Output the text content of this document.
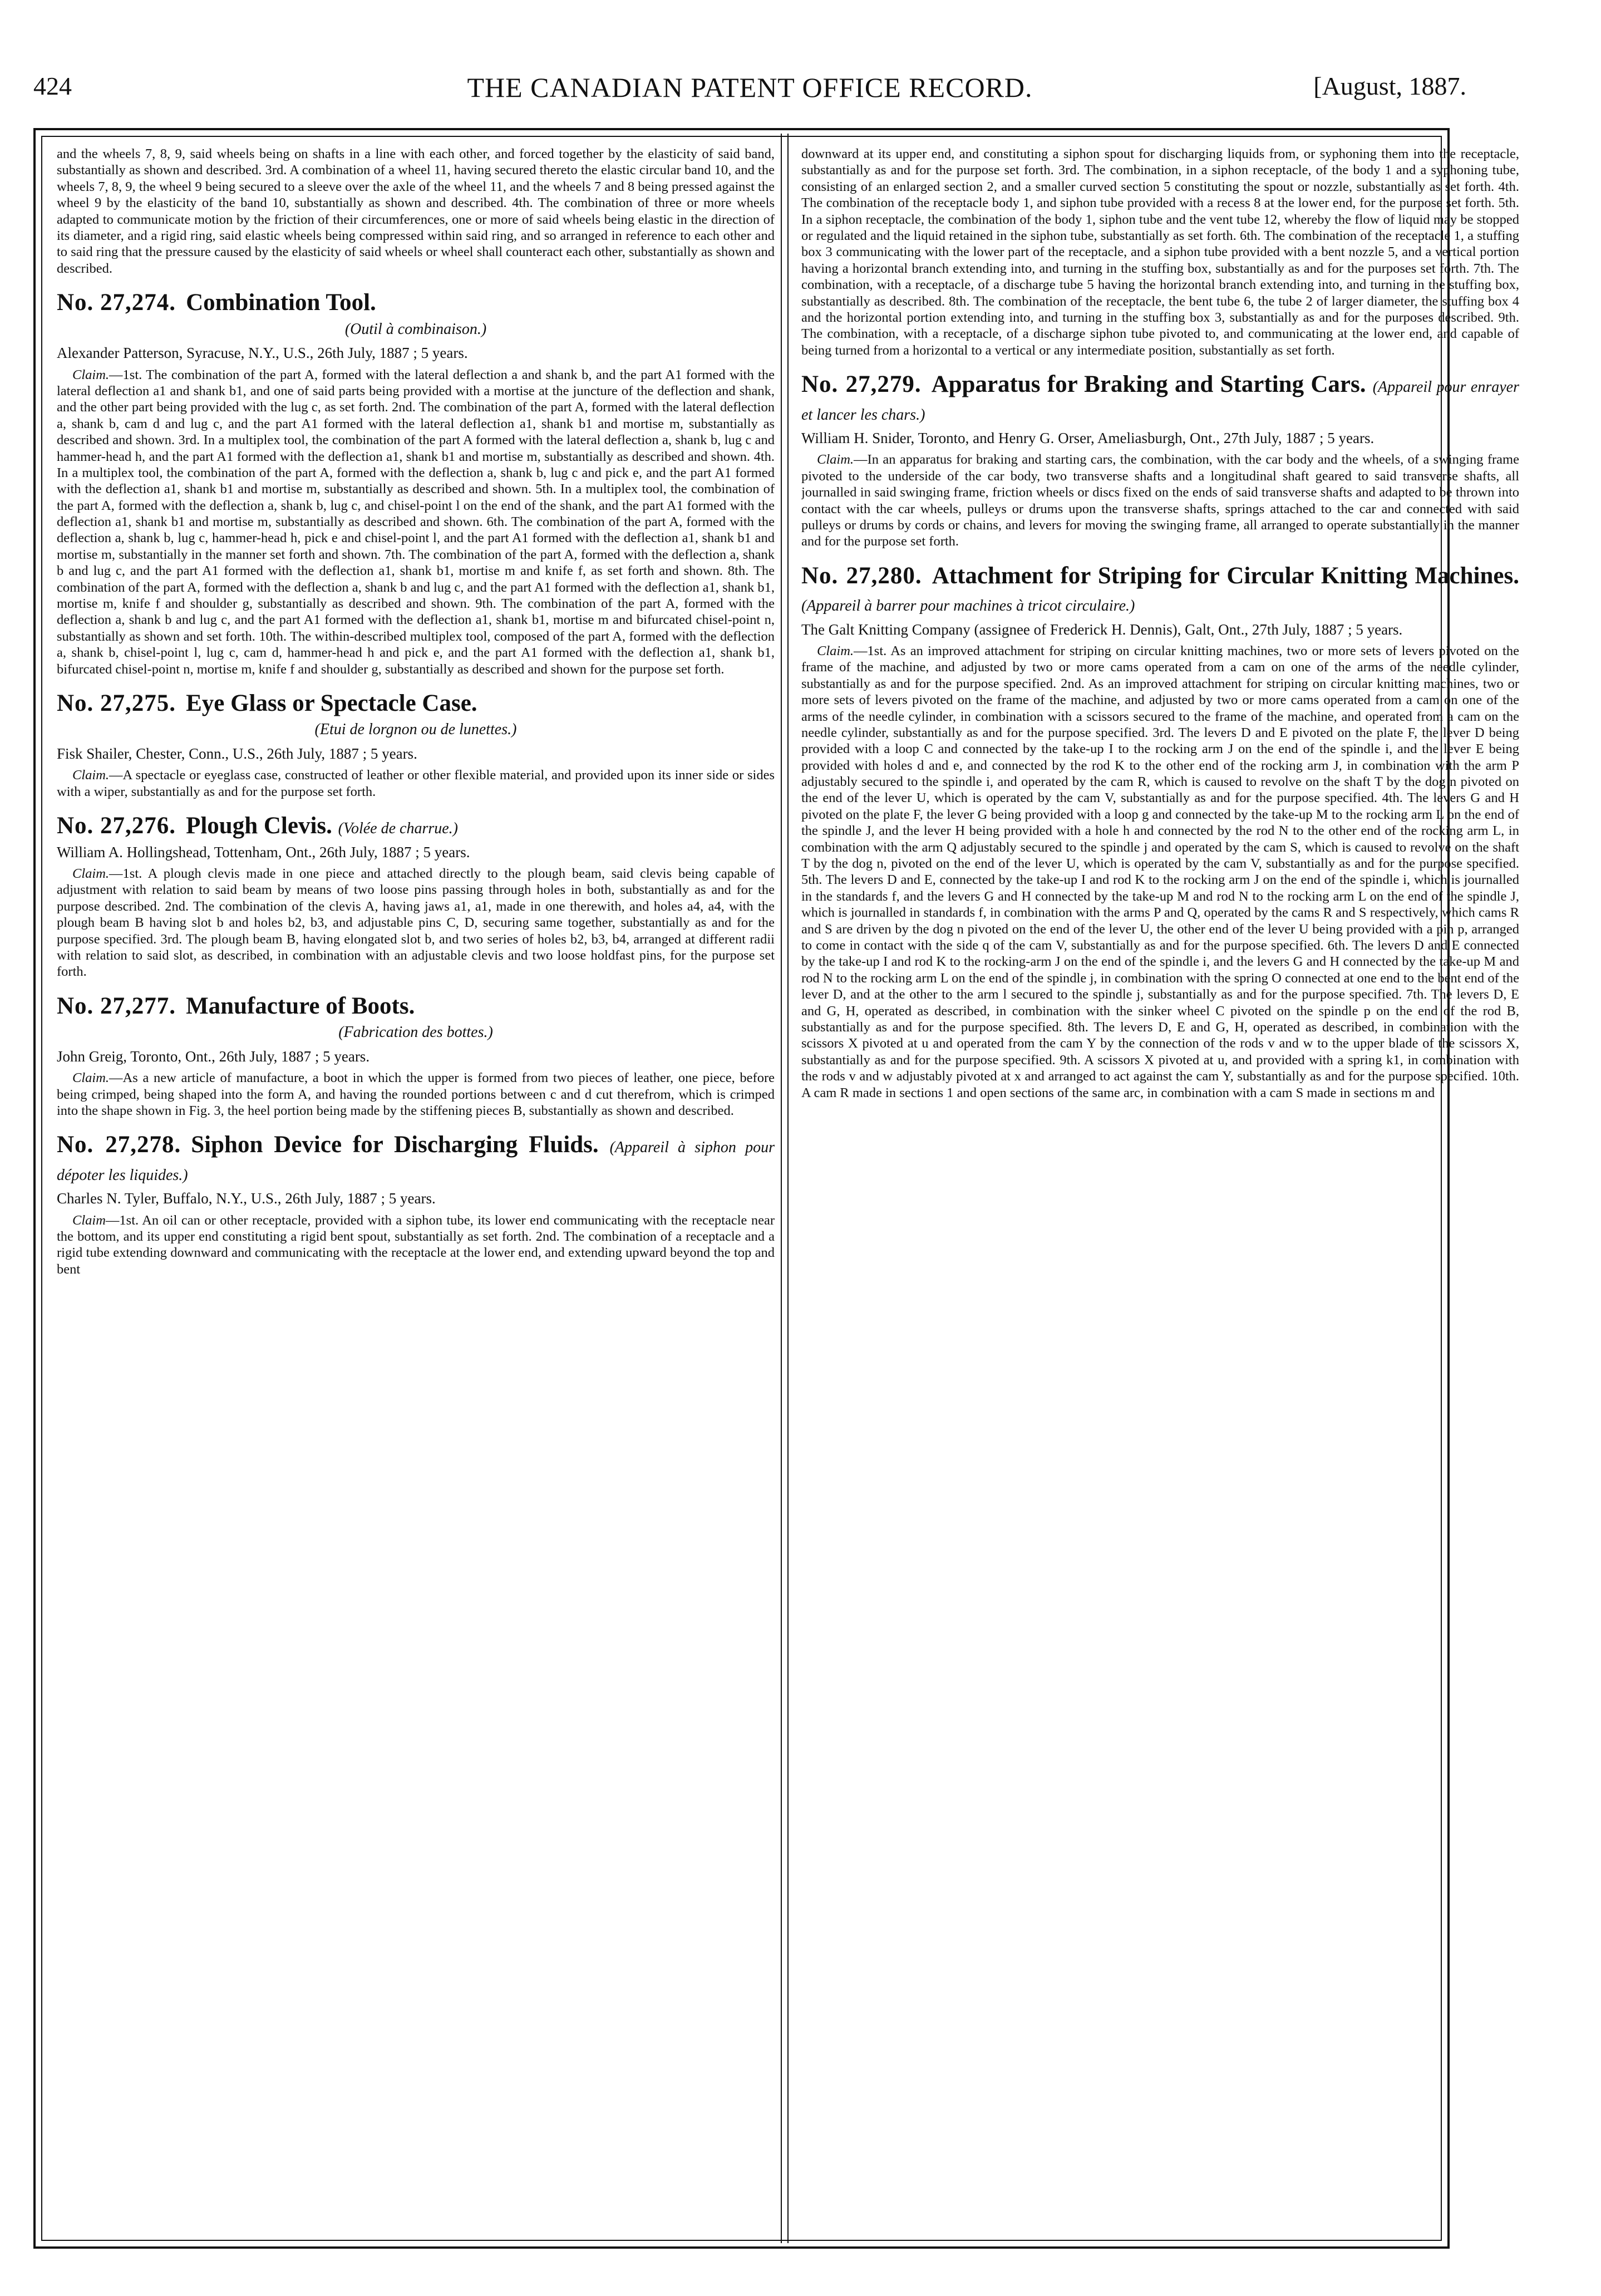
424	THE CANADIAN PATENT OFFICE RECORD.	[August, 1887.

and the wheels 7, 8, 9, said wheels being on shafts in a line with each other, and forced together by the elasticity of said band, substantially as shown and described. 3rd. A combination of a wheel 11, having secured thereto the elastic circular band 10, and the wheels 7, 8, 9, the wheel 9 being secured to a sleeve over the axle of the wheel 11, and the wheels 7 and 8 being pressed against the wheel 9 by the elasticity of the band 10, substantially as shown and described. 4th. The combination of three or more wheels adapted to communicate motion by the friction of their circumferences, one or more of said wheels being elastic in the direction of its diameter, and a rigid ring, said elastic wheels being compressed within said ring, and so arranged in reference to each other and to said ring that the pressure caused by the elasticity of said wheels or wheel shall counteract each other, substantially as shown and described.

No. 27,274. Combination Tool.
(Outil à combinaison.)
Alexander Patterson, Syracuse, N.Y., U.S., 26th July, 1887 ; 5 years.

Claim.—1st. The combination of the part A, formed with the lateral deflection a and shank b, and the part A1 formed with the lateral deflection a1 and shank b1, and one of said parts being provided with a mortise at the juncture of the deflection and shank, and the other part being provided with the lug c, as set forth. 2nd. The combination of the part A, formed with the lateral deflection a, shank b, cam d and lug c, and the part A1 formed with the lateral deflection a1, shank b1 and mortise m, substantially as described and shown. 3rd. In a multiplex tool, the combination of the part A formed with the lateral deflection a, shank b, lug c and hammer-head h, and the part A1 formed with the deflection a1, shank b1 and mortise m, substantially as described and shown. 4th. In a multiplex tool, the combination of the part A, formed with the deflection a, shank b, lug c and pick e, and the part A1 formed with the deflection a1, shank b1 and mortise m, substantially as described and shown. 5th. In a multiplex tool, the combination of the part A, formed with the deflection a, shank b, lug c, and chisel-point l on the end of the shank, and the part A1 formed with the deflection a1, shank b1 and mortise m, substantially as described and shown. 6th. The combination of the part A, formed with the deflection a, shank b, lug c, hammer-head h, pick e and chisel-point l, and the part A1 formed with the deflection a1, shank b1 and mortise m, substantially in the manner set forth and shown. 7th. The combination of the part A, formed with the deflection a, shank b and lug c, and the part A1 formed with the deflection a1, shank b1, mortise m and knife f, as set forth and shown. 8th. The combination of the part A, formed with the deflection a, shank b and lug c, and the part A1 formed with the deflection a1, shank b1, mortise m, knife f and shoulder g, substantially as described and shown. 9th. The combination of the part A, formed with the deflection a, shank b and lug c, and the part A1 formed with the deflection a1, shank b1, mortise m and bifurcated chisel-point n, substantially as shown and set forth. 10th. The within-described multiplex tool, composed of the part A, formed with the deflection a, shank b, chisel-point l, lug c, cam d, hammer-head h and pick e, and the part A1 formed with the deflection a1, shank b1, bifurcated chisel-point n, mortise m, knife f and shoulder g, substantially as described and shown for the purpose set forth.

No. 27,275. Eye Glass or Spectacle Case.
(Etui de lorgnon ou de lunettes.)
Fisk Shailer, Chester, Conn., U.S., 26th July, 1887 ; 5 years.

Claim.—A spectacle or eyeglass case, constructed of leather or other flexible material, and provided upon its inner side or sides with a wiper, substantially as and for the purpose set forth.

No. 27,276. Plough Clevis. (Volée de charrue.)
William A. Hollingshead, Tottenham, Ont., 26th July, 1887 ; 5 years.

Claim.—1st. A plough clevis made in one piece and attached directly to the plough beam, said clevis being capable of adjustment with relation to said beam by means of two loose pins passing through holes in both, substantially as and for the purpose described. 2nd. The combination of the clevis A, having jaws a1, a1, made in one therewith, and holes a4, a4, with the plough beam B having slot b and holes b2, b3, and adjustable pins C, D, securing same together, substantially as and for the purpose specified. 3rd. The plough beam B, having elongated slot b, and two series of holes b2, b3, b4, arranged at different radii with relation to said slot, as described, in combination with an adjustable clevis and two loose holdfast pins, for the purpose set forth.

No. 27,277. Manufacture of Boots.
(Fabrication des bottes.)
John Greig, Toronto, Ont., 26th July, 1887 ; 5 years.

Claim.—As a new article of manufacture, a boot in which the upper is formed from two pieces of leather, one piece, before being crimped, being shaped into the form A, and having the rounded portions between c and d cut therefrom, which is crimped into the shape shown in Fig. 3, the heel portion being made by the stiffening pieces B, substantially as shown and described.

No. 27,278. Siphon Device for Discharging Fluids. (Appareil à siphon pour dépoter les liquides.)
Charles N. Tyler, Buffalo, N.Y., U.S., 26th July, 1887 ; 5 years.

Claim—1st. An oil can or other receptacle, provided with a siphon tube, its lower end communicating with the receptacle near the bottom, and its upper end constituting a rigid bent spout, substantially as set forth. 2nd. The combination of a receptacle and a rigid tube extending downward and communicating with the receptacle at the lower end, and extending upward beyond the top and bent

downward at its upper end, and constituting a siphon spout for discharging liquids from, or syphoning them into the receptacle, substantially as and for the purpose set forth. 3rd. The combination, in a siphon receptacle, of the body 1 and a syphoning tube, consisting of an enlarged section 2, and a smaller curved section 5 constituting the spout or nozzle, substantially as set forth. 4th. The combination of the receptacle body 1, and siphon tube provided with a recess 8 at the lower end, for the purpose set forth. 5th. In a siphon receptacle, the combination of the body 1, siphon tube and the vent tube 12, whereby the flow of liquid may be stopped or regulated and the liquid retained in the siphon tube, substantially as set forth. 6th. The combination of the receptacle 1, a stuffing box 3 communicating with the lower part of the receptacle, and a siphon tube provided with a bent nozzle 5, and a vertical portion having a horizontal branch extending into, and turning in the stuffing box, substantially as and for the purposes set forth. 7th. The combination, with a receptacle, of a discharge tube 5 having the horizontal branch extending into, and turning in the stuffing box, substantially as described. 8th. The combination of the receptacle, the bent tube 6, the tube 2 of larger diameter, the stuffing box 4 and the horizontal portion extending into, and turning in the stuffing box 3, substantially as and for the purposes described. 9th. The combination, with a receptacle, of a discharge siphon tube pivoted to, and communicating at the lower end, and capable of being turned from a horizontal to a vertical or any intermediate position, substantially as set forth.

No. 27,279. Apparatus for Braking and Starting Cars. (Appareil pour enrayer et lancer les chars.)
William H. Snider, Toronto, and Henry G. Orser, Ameliasburgh, Ont., 27th July, 1887 ; 5 years.

Claim.—In an apparatus for braking and starting cars, the combination, with the car body and the wheels, of a swinging frame pivoted to the underside of the car body, two transverse shafts and a longitudinal shaft geared to said transverse shafts, all journalled in said swinging frame, friction wheels or discs fixed on the ends of said transverse shafts and adapted to be thrown into contact with the car wheels, pulleys or drums upon the transverse shafts, springs attached to the car and connected with said pulleys or drums by cords or chains, and levers for moving the swinging frame, all arranged to operate substantially in the manner and for the purpose set forth.

No. 27,280. Attachment for Striping for Circular Knitting Machines. (Appareil à barrer pour machines à tricot circulaire.)
The Galt Knitting Company (assignee of Frederick H. Dennis), Galt, Ont., 27th July, 1887 ; 5 years.

Claim.—1st. As an improved attachment for striping on circular knitting machines, two or more sets of levers pivoted on the frame of the machine, and adjusted by two or more cams operated from a cam on one of the arms of the needle cylinder, substantially as and for the purpose specified. 2nd. As an improved attachment for striping on circular knitting machines, two or more sets of levers pivoted on the frame of the machine, and adjusted by two or more cams operated from a cam on one of the arms of the needle cylinder, in combination with a scissors secured to the frame of the machine, and operated from a cam on the needle cylinder, substantially as and for the purpose specified. 3rd. The levers D and E pivoted on the plate F, the lever D being provided with a loop C and connected by the take-up I to the rocking arm J on the end of the spindle i, and the lever E being provided with holes d and e, and connected by the rod K to the other end of the rocking arm J, in combination with the arm P adjustably secured to the spindle i, and operated by the cam R, which is caused to revolve on the shaft T by the dog n pivoted on the end of the lever U, which is operated by the cam V, substantially as and for the purpose specified. 4th. The levers G and H pivoted on the plate F, the lever G being provided with a loop g and connected by the take-up M to the rocking arm L on the end of the spindle J, and the lever H being provided with a hole h and connected by the rod N to the other end of the rocking arm L, in combination with the arm Q adjustably secured to the spindle j and operated by the cam S, which is caused to revolve on the shaft T by the dog n, pivoted on the end of the lever U, which is operated by the cam V, substantially as and for the purpose specified. 5th. The levers D and E, connected by the take-up I and rod K to the rocking arm J on the end of the spindle i, which is journalled in the standards f, and the levers G and H connected by the take-up M and rod N to the rocking arm L on the end of the spindle J, which is journalled in standards f, in combination with the arms P and Q, operated by the cams R and S respectively, which cams R and S are driven by the dog n pivoted on the end of the lever U, the other end of the lever U being provided with a pin p, arranged to come in contact with the side q of the cam V, substantially as and for the purpose specified. 6th. The levers D and E connected by the take-up I and rod K to the rocking-arm J on the end of the spindle i, and the levers G and H connected by the take-up M and rod N to the rocking arm L on the end of the spindle j, in combination with the spring O connected at one end to the bent end of the lever D, and at the other to the arm l secured to the spindle j, substantially as and for the purpose specified. 7th. The levers D, E and G, H, operated as described, in combination with the sinker wheel C pivoted on the spindle p on the end of the rod B, substantially as and for the purpose specified. 8th. The levers D, E and G, H, operated as described, in combination with the scissors X pivoted at u and operated from the cam Y by the connection of the rods v and w to the upper blade of the scissors X, substantially as and for the purpose specified. 9th. A scissors X pivoted at u, and provided with a spring k1, in combination with the rods v and w adjustably pivoted at x and arranged to act against the cam Y, substantially as and for the purpose specified. 10th. A cam R made in sections 1 and open sections of the same arc, in combination with a cam S made in sections m and
